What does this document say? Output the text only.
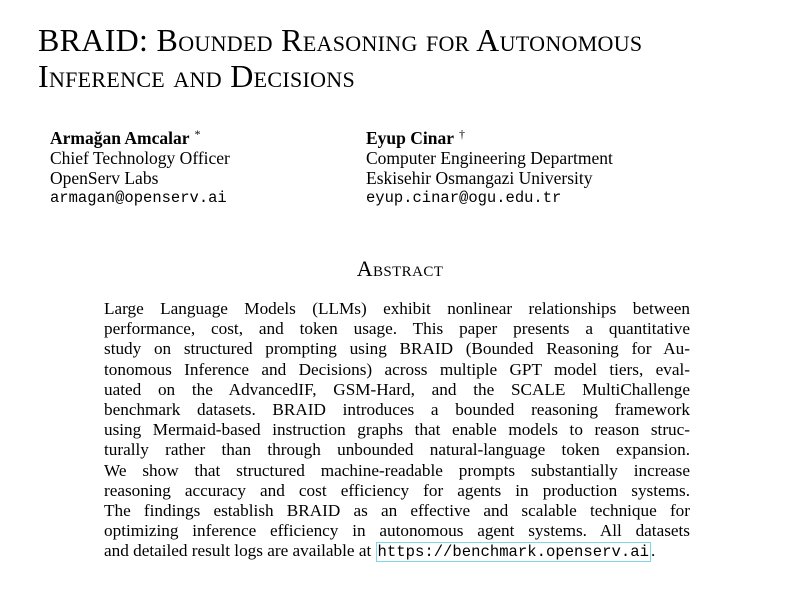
BRAID: Bounded Reasoning for Autonomous
Inference and Decisions
Armağan Amcalar *
Chief Technology Officer
OpenServ Labs
armagan@openserv.ai
Eyup Cinar †
Computer Engineering Department
Eskisehir Osmangazi University
eyup.cinar@ogu.edu.tr
Abstract
Large Language Models (LLMs) exhibit nonlinear relationships between
performance, cost, and token usage. This paper presents a quantitative
study on structured prompting using BRAID (Bounded Reasoning for Au-
tonomous Inference and Decisions) across multiple GPT model tiers, eval-
uated on the AdvancedIF, GSM-Hard, and the SCALE MultiChallenge
benchmark datasets. BRAID introduces a bounded reasoning framework
using Mermaid-based instruction graphs that enable models to reason struc-
turally rather than through unbounded natural-language token expansion.
We show that structured machine-readable prompts substantially increase
reasoning accuracy and cost efficiency for agents in production systems.
The findings establish BRAID as an effective and scalable technique for
optimizing inference efficiency in autonomous agent systems. All datasets
and detailed result logs are available at https://benchmark.openserv.ai .
